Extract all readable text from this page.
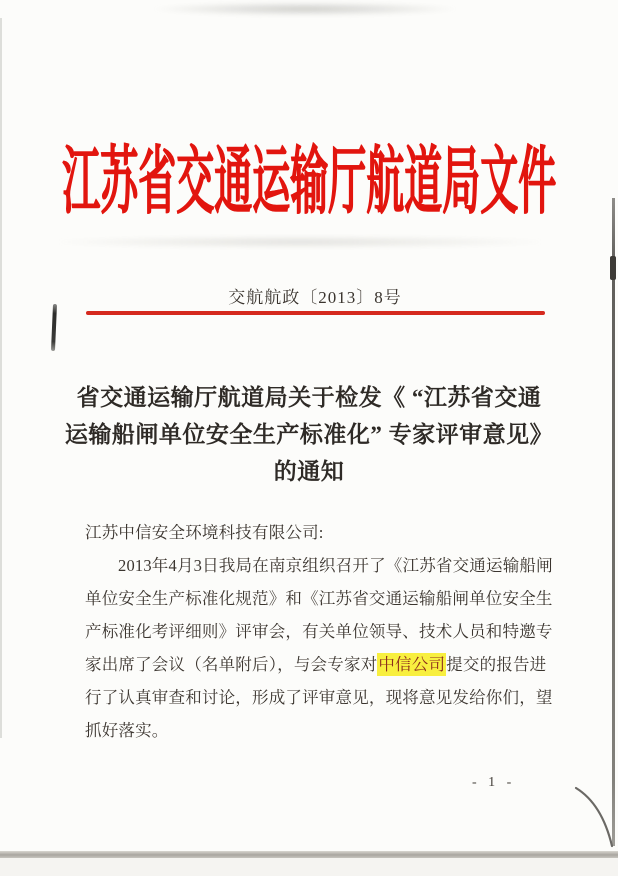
江苏省交通运输厅航道局文件
交航航政〔2013〕8号
省交通运输厅航道局关于检发《 “江苏省交通
运输船闸单位安全生产标准化” 专家评审意见》
的通知
江苏中信安全环境科技有限公司:
2013年4月3日我局在南京组织召开了《江苏省交通运输船闸
单位安全生产标准化规范》和《江苏省交通运输船闸单位安全生
产标准化考评细则》评审会，有关单位领导、技术人员和特邀专
家出席了会议（名单附后），与会专家对中信公司提交的报告进
行了认真审查和讨论，形成了评审意见，现将意见发给你们，望
抓好落实。
- 1 -
